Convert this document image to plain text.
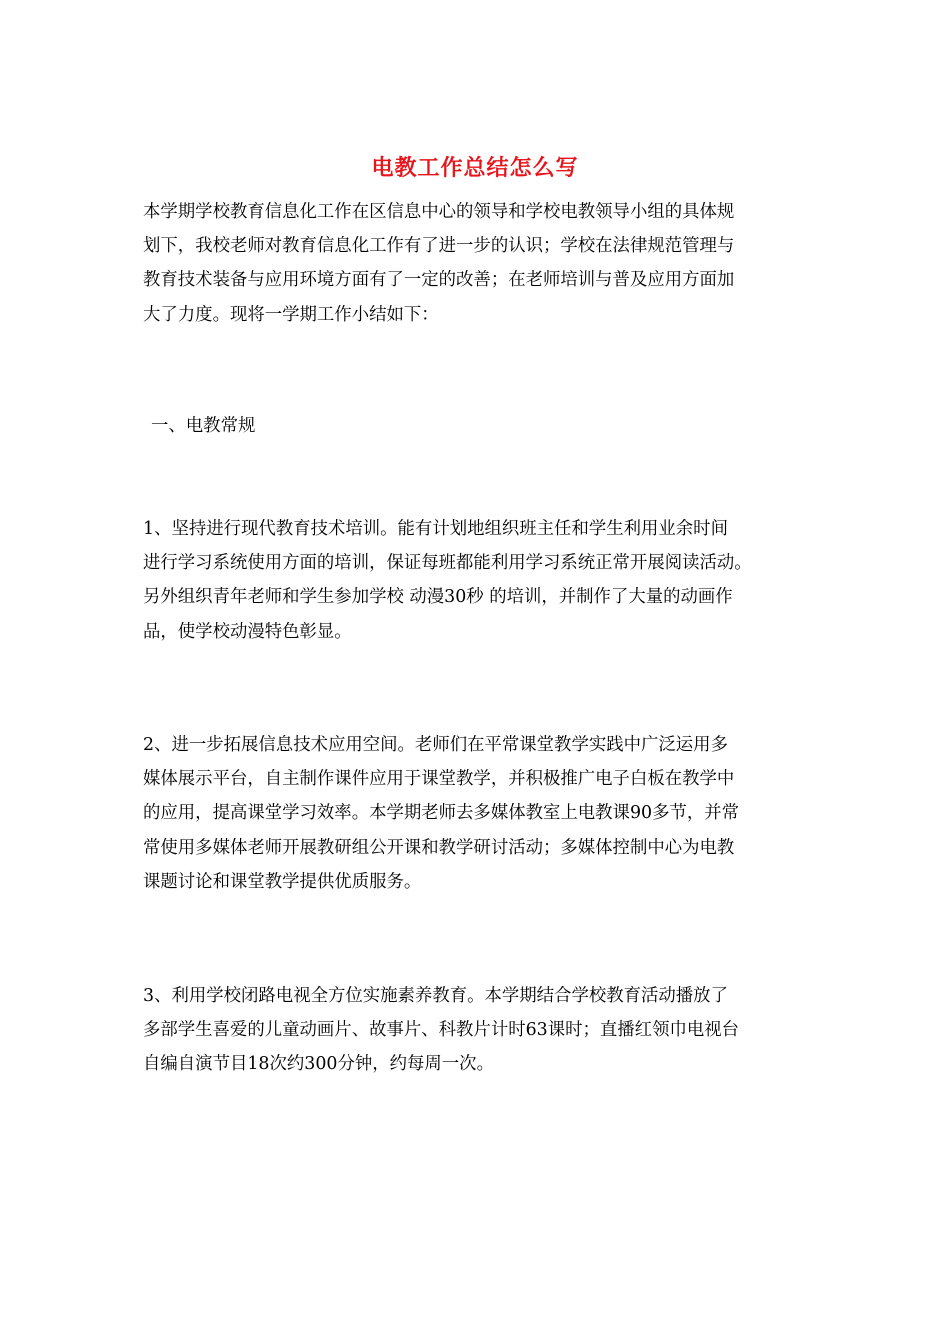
电教工作总结怎么写

本学期学校教育信息化工作在区信息中心的领导和学校电教领导小组的具体规
划下，我校老师对教育信息化工作有了进一步的认识；学校在法律规范管理与
教育技术装备与应用环境方面有了一定的改善；在老师培训与普及应用方面加
大了力度。现将一学期工作小结如下：

一、电教常规

1、坚持进行现代教育技术培训。能有计划地组织班主任和学生利用业余时间
进行学习系统使用方面的培训，保证每班都能利用学习系统正常开展阅读活动。
另外组织青年老师和学生参加学校 动漫30秒 的培训，并制作了大量的动画作
品，使学校动漫特色彰显。

2、进一步拓展信息技术应用空间。老师们在平常课堂教学实践中广泛运用多
媒体展示平台，自主制作课件应用于课堂教学，并积极推广电子白板在教学中
的应用，提高课堂学习效率。本学期老师去多媒体教室上电教课90多节，并常
常使用多媒体老师开展教研组公开课和教学研讨活动；多媒体控制中心为电教
课题讨论和课堂教学提供优质服务。

3、利用学校闭路电视全方位实施素养教育。本学期结合学校教育活动播放了
多部学生喜爱的儿童动画片、故事片、科教片计时63课时；直播红领巾电视台
自编自演节目18次约300分钟，约每周一次。
